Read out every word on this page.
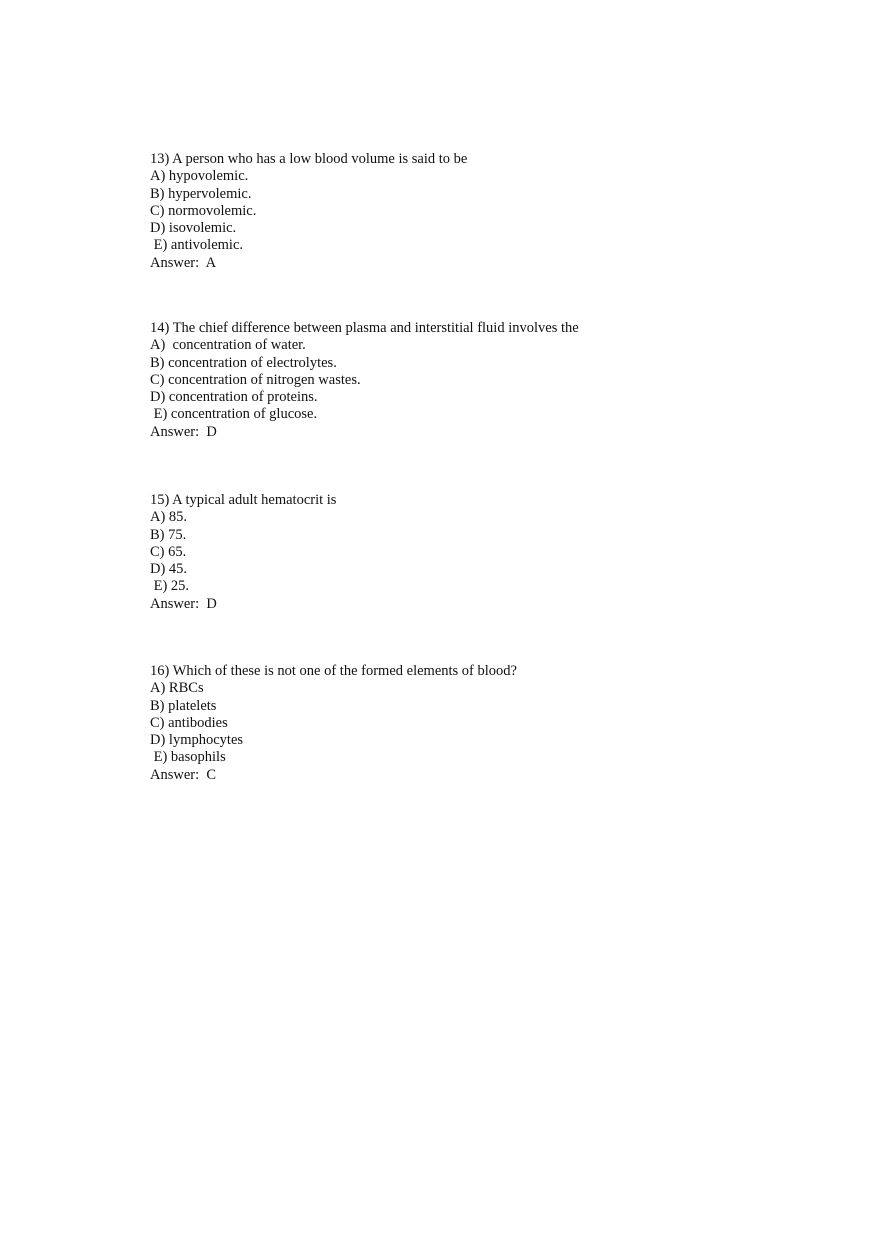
13) A person who has a low blood volume is said to be
A) hypovolemic.
B) hypervolemic.
C) normovolemic.
D) isovolemic.
E) antivolemic.
Answer:  A
14) The chief difference between plasma and interstitial fluid involves the
A)  concentration of water.
B) concentration of electrolytes.
C) concentration of nitrogen wastes.
D) concentration of proteins.
E) concentration of glucose.
Answer:  D
15) A typical adult hematocrit is
A) 85.
B) 75.
C) 65.
D) 45.
E) 25.
Answer:  D
16) Which of these is not one of the formed elements of blood?
A) RBCs
B) platelets
C) antibodies
D) lymphocytes
E) basophils
Answer:  C
